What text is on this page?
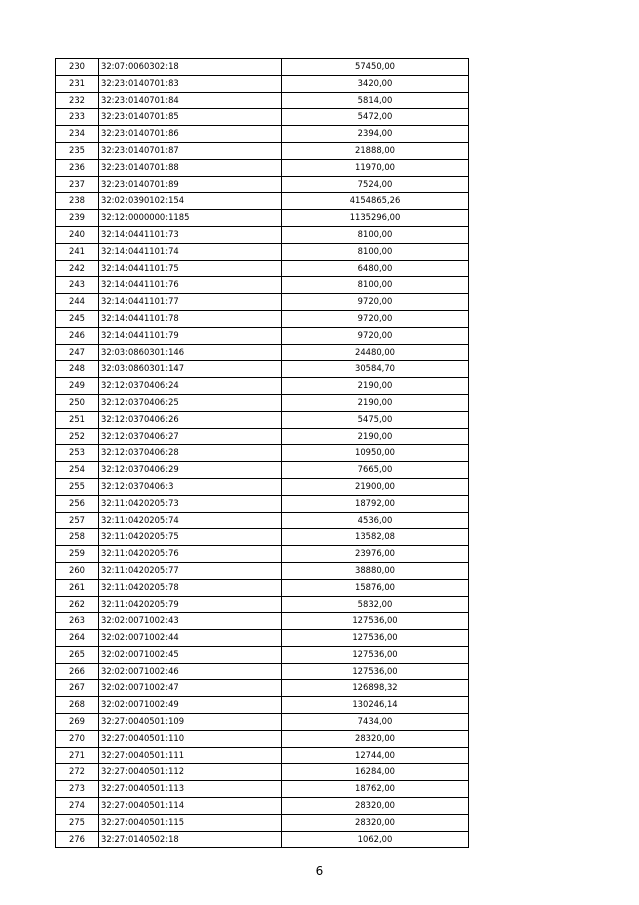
230	32:07:0060302:18	57450,00
231	32:23:0140701:83	3420,00
232	32:23:0140701:84	5814,00
233	32:23:0140701:85	5472,00
234	32:23:0140701:86	2394,00
235	32:23:0140701:87	21888,00
236	32:23:0140701:88	11970,00
237	32:23:0140701:89	7524,00
238	32:02:0390102:154	4154865,26
239	32:12:0000000:1185	1135296,00
240	32:14:0441101:73	8100,00
241	32:14:0441101:74	8100,00
242	32:14:0441101:75	6480,00
243	32:14:0441101:76	8100,00
244	32:14:0441101:77	9720,00
245	32:14:0441101:78	9720,00
246	32:14:0441101:79	9720,00
247	32:03:0860301:146	24480,00
248	32:03:0860301:147	30584,70
249	32:12:0370406:24	2190,00
250	32:12:0370406:25	2190,00
251	32:12:0370406:26	5475,00
252	32:12:0370406:27	2190,00
253	32:12:0370406:28	10950,00
254	32:12:0370406:29	7665,00
255	32:12:0370406:3	21900,00
256	32:11:0420205:73	18792,00
257	32:11:0420205:74	4536,00
258	32:11:0420205:75	13582,08
259	32:11:0420205:76	23976,00
260	32:11:0420205:77	38880,00
261	32:11:0420205:78	15876,00
262	32:11:0420205:79	5832,00
263	32:02:0071002:43	127536,00
264	32:02:0071002:44	127536,00
265	32:02:0071002:45	127536,00
266	32:02:0071002:46	127536,00
267	32:02:0071002:47	126898,32
268	32:02:0071002:49	130246,14
269	32:27:0040501:109	7434,00
270	32:27:0040501:110	28320,00
271	32:27:0040501:111	12744,00
272	32:27:0040501:112	16284,00
273	32:27:0040501:113	18762,00
274	32:27:0040501:114	28320,00
275	32:27:0040501:115	28320,00
276	32:27:0140502:18	1062,00
6
